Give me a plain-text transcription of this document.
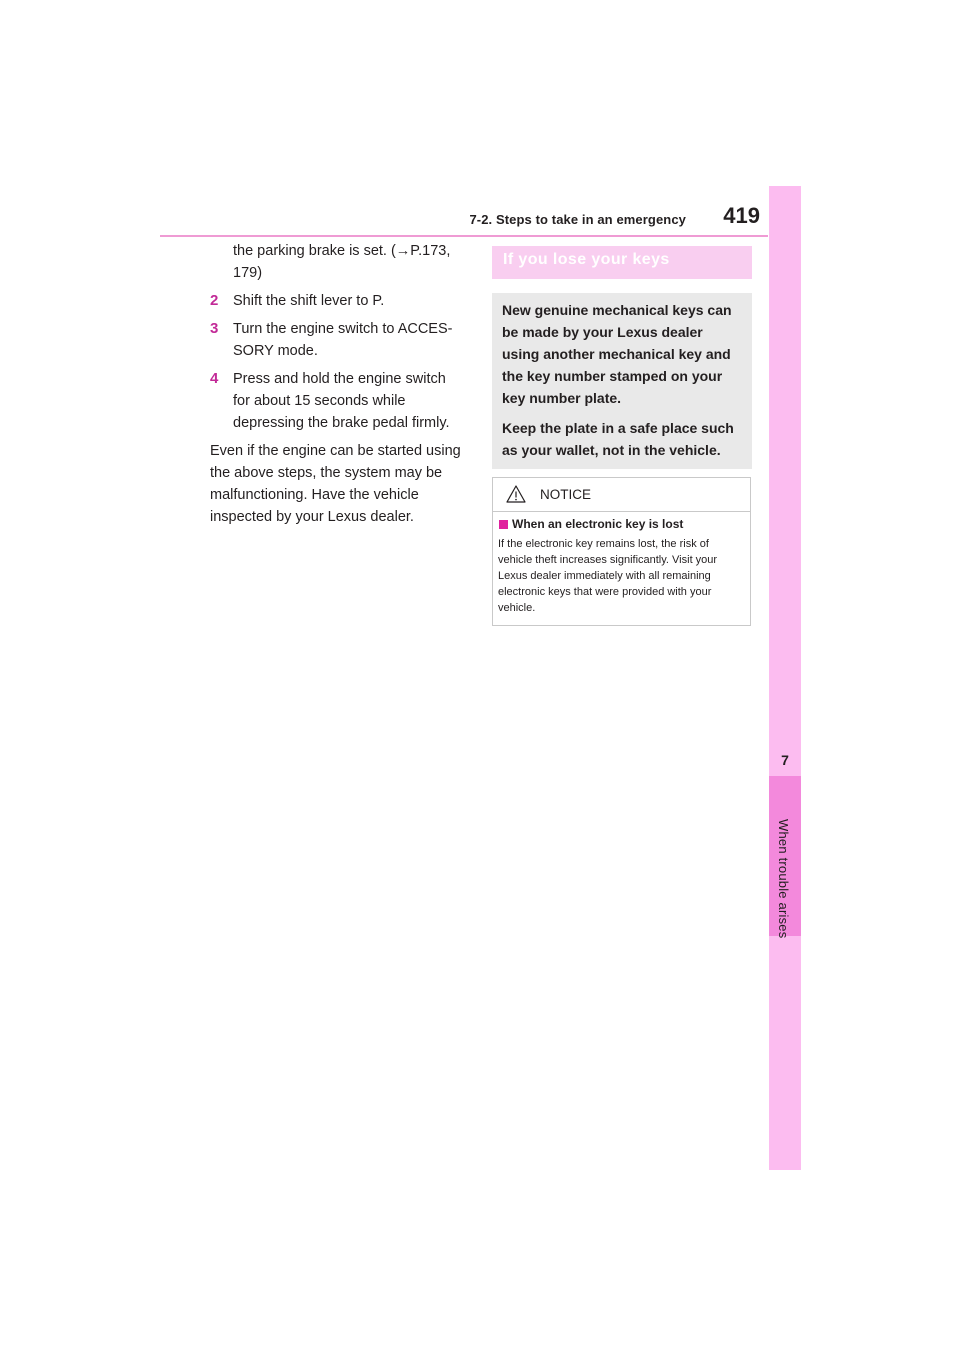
7-2. Steps to take in an emergency 419
7
When trouble arises
the parking brake is set. (→P.173, 179)
2	Shift the shift lever to P.
3	Turn the engine switch to ACCES-SORY mode.
4	Press and hold the engine switch for about 15 seconds while depressing the brake pedal firmly.

Even if the engine can be started using the above steps, the system may be malfunctioning. Have the vehicle inspected by your Lexus dealer.

If you lose your keys

New genuine mechanical keys can be made by your Lexus dealer using another mechanical key and the key number stamped on your key number plate.

Keep the plate in a safe place such as your wallet, not in the vehicle.

NOTICE
When an electronic key is lost

If the electronic key remains lost, the risk of vehicle theft increases significantly. Visit your Lexus dealer immediately with all remaining electronic keys that were provided with your vehicle.
